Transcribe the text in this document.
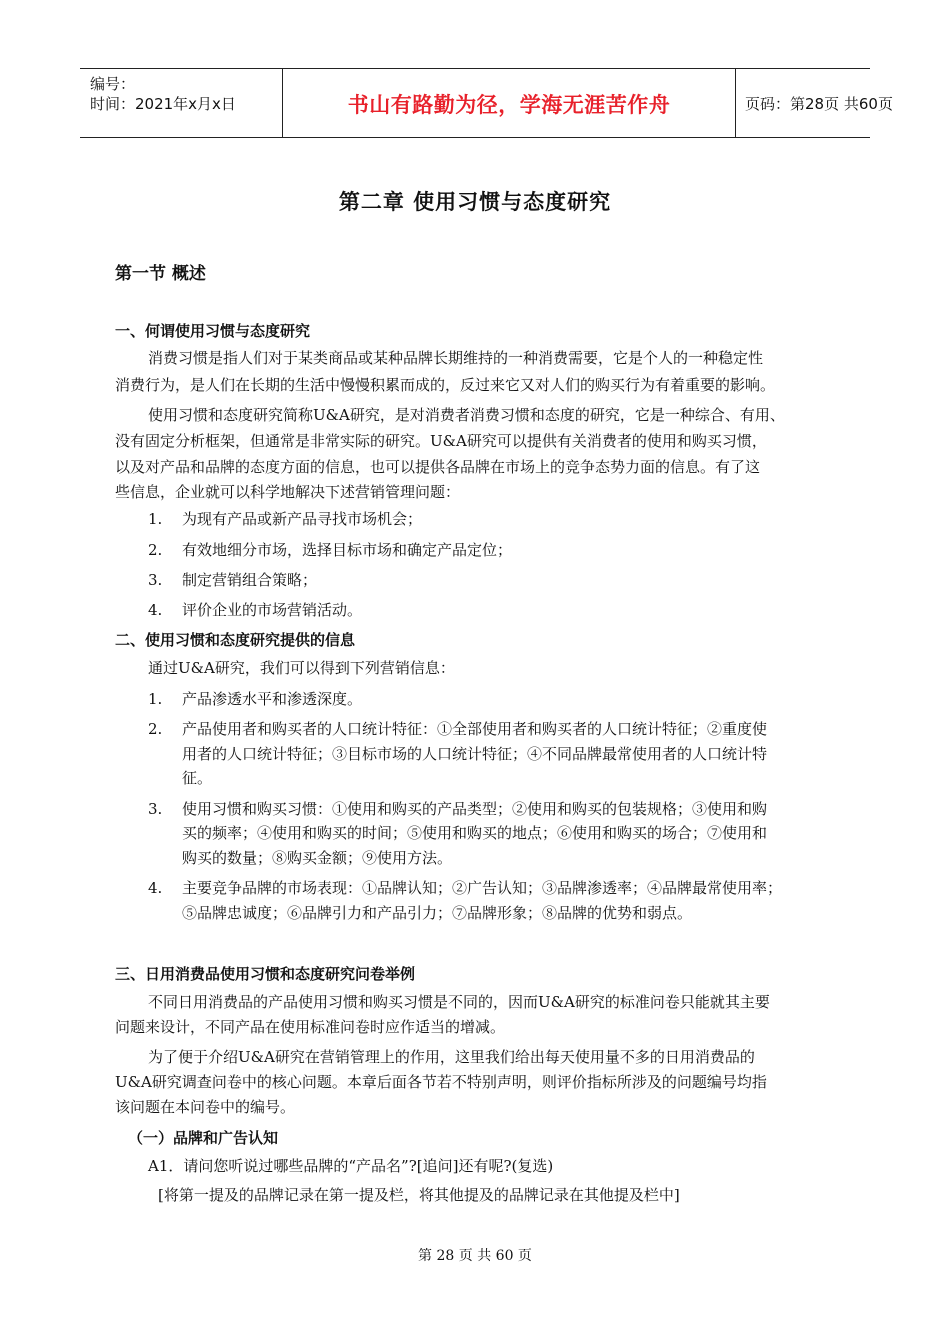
编号：
时间：2021年x月x日	书山有路勤为径，学海无涯苦作舟	页码：第28页 共60页
第二章 使用习惯与态度研究
第一节 概述
一、何谓使用习惯与态度研究
消费习惯是指人们对于某类商品或某种品牌长期维持的一种消费需要，它是个人的一种稳定性
消费行为，是人们在长期的生活中慢慢积累而成的，反过来它又对人们的购买行为有着重要的影响。
使用习惯和态度研究简称U&A研究，是对消费者消费习惯和态度的研究，它是一种综合、有用、
没有固定分析框架，但通常是非常实际的研究。U&A研究可以提供有关消费者的使用和购买习惯，
以及对产品和品牌的态度方面的信息，也可以提供各品牌在市场上的竞争态势力面的信息。有了这
些信息，企业就可以科学地解决下述营销管理问题：
1. 为现有产品或新产品寻找市场机会；
2. 有效地细分市场，选择目标市场和确定产品定位；
3. 制定营销组合策略；
4. 评价企业的市场营销活动。
二、使用习惯和态度研究提供的信息
通过U&A研究，我们可以得到下列营销信息：
1. 产品渗透水平和渗透深度。
2. 产品使用者和购买者的人口统计特征：①全部使用者和购买者的人口统计特征；②重度使
用者的人口统计特征；③目标市场的人口统计特征；④不同品牌最常使用者的人口统计特
征。
3. 使用习惯和购买习惯：①使用和购买的产品类型；②使用和购买的包装规格；③使用和购
买的频率；④使用和购买的时间；⑤使用和购买的地点；⑥使用和购买的场合；⑦使用和
购买的数量；⑧购买金额；⑨使用方法。
4. 主要竞争品牌的市场表现：①品牌认知；②广告认知；③品牌渗透率；④品牌最常使用率；
⑤品牌忠诚度；⑥品牌引力和产品引力；⑦品牌形象；⑧品牌的优势和弱点。
三、日用消费品使用习惯和态度研究问卷举例
不同日用消费品的产品使用习惯和购买习惯是不同的，因而U&A研究的标准问卷只能就其主要
问题来设计，不同产品在使用标准问卷时应作适当的增减。
为了便于介绍U&A研究在营销管理上的作用，这里我们给出每天使用量不多的日用消费品的
U&A研究调查问卷中的核心问题。本章后面各节若不特别声明，则评价指标所涉及的问题编号均指
该问题在本问卷中的编号。
（一）品牌和广告认知
A1．请问您听说过哪些品牌的“产品名”?[追问]还有呢?(复选)
[将第一提及的品牌记录在第一提及栏，将其他提及的品牌记录在其他提及栏中]
第 28 页 共 60 页
